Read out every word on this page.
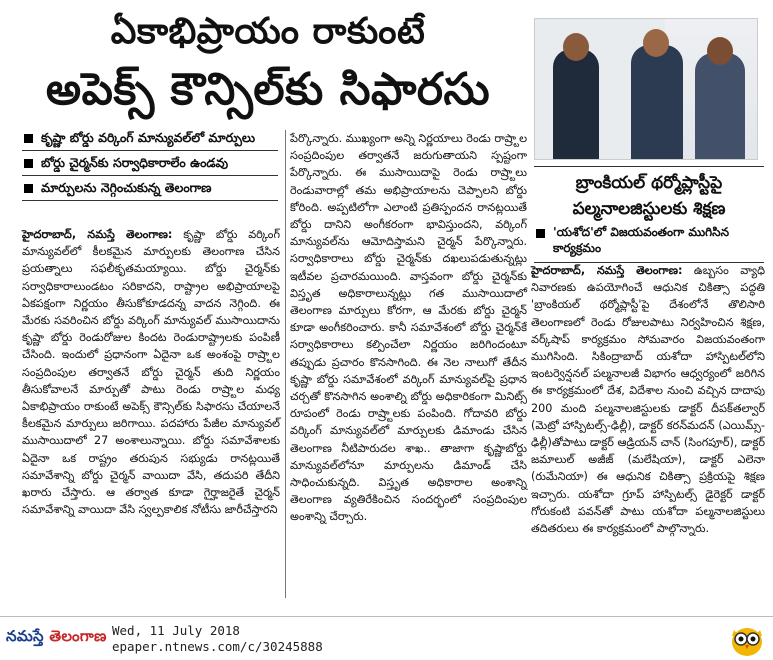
ఏకాభిప్రాయం రాకుంటే
అపెక్స్ కౌన్సిల్‌కు సిఫారసు
కృష్ణా బోర్డు వర్కింగ్ మాన్యువల్‌లో మార్పులు
బోర్డు చైర్మన్‌కు సర్వాధికారాలేం ఉండవు
మార్పులను నెగ్గించుకున్న తెలంగాణ
హైదరాబాద్, నమస్తే తెలంగాణ: కృష్ణా బోర్డు వర్కింగ్ మాన్యువల్‌లో కీలకమైన మార్పులకు తెలంగాణ చేసిన ప్రయత్నాలు సఫలీకృతమయ్యాయి. బోర్డు చైర్మన్‌కు సర్వాధికారాలుండటం సరికాదని, రాష్ట్రాల అభిప్రాయాలపై ఏకపక్షంగా నిర్ణయం తీసుకోకూడదన్న వాదన నెగ్గింది. ఈ మేరకు సవరించిన బోర్డు వర్కింగ్ మాన్యువల్ ముసాయిదాను కృష్ణా బోర్డు రెండురోజుల కిందట రెండురాష్ట్రాలకు పంపిణీ చేసింది. ఇందులో ప్రధానంగా ఏదైనా ఒక అంశంపై రాష్ర్టాల సంప్రదింపుల తర్వాతనే బోర్డు చైర్మన్ తుది నిర్ణయం తీసుకోవాలనే మార్పుతో పాటు రెండు రాష్ర్టాల మధ్య ఏకాభిప్రాయం రాకుంటే అపెక్స్ కౌన్సిల్‌కు సిఫారసు చేయాలనే కీలకమైన మార్పులు జరిగాయి. పదహారు పేజీల మాన్యువల్ ముసాయిదాలో 27 అంశాలున్నాయి. బోర్డు సమావేశాలకు ఏదైనా ఒక రాష్ట్రం తరుపున సభ్యుడు రానట్లయితే సమావేశాన్ని బోర్డు చైర్మన్ వాయిదా వేసి, తదుపరి తేదీని ఖరారు చేస్తారు. ఆ తర్వాత కూడా గైర్హాజరైతే చైర్మన్ సమావేశాన్ని వాయిదా వేసి స్వల్పకాలిక నోటీసు జారీచేస్తారని
పేర్కొన్నారు. ముఖ్యంగా అన్ని నిర్ణయాలు రెండు రాష్ర్టాల సంప్రదింపుల తర్వాతనే జరుగుతాయని స్పష్టంగా పేర్కొన్నారు. ఈ ముసాయిదాపై రెండు రాష్ర్టాలు రెండువారాల్లో తమ అభిప్రాయాలను చెప్పాలని బోర్డు కోరింది. అప్పటిలోగా ఎలాంటి ప్రతిస్పందన రానట్లయితే బోర్డు దానిని అంగీకరంగా భావిస్తుందని, వర్కింగ్ మాన్యువల్‌ను ఆమోదిస్తామని చైర్మన్ పేర్కొన్నారు. సర్వాధికారాలు బోర్డు చైర్మన్‌కు దఖలుపడుతున్నట్లు ఇటీవల ప్రచారమయింది. వాస్తవంగా బోర్డు చైర్మన్‌కు విస్తృత అధికారాలున్నట్లు గత ముసాయిదాలో తెలంగాణ మార్పులు కోరగా, ఆ మేరకు బోర్డు చైర్మన్ కూడా అంగీకరించారు. కానీ సమావేశంలో బోర్డు చైర్మన్‌కే సర్వాధికారాలు కల్పించేలా నిర్ణయం జరిగిందంటూ తప్పుడు ప్రచారం కొనసాగింది. ఈ నెల నాలుగో తేదీన కృష్ణా బోర్డు సమావేశంలో వర్కింగ్ మాన్యువల్‌పై ప్రధాన చర్చతో కొనసాగిన అంశాల్ని బోర్డు అధికారికంగా మినిట్స్ రూపంలో రెండు రాష్ర్టాలకు పంపింది. గోదావరి బోర్డు వర్కింగ్ మాన్యువల్‌లో మార్పులకు డిమాండు చేసిన తెలంగాణ నీటిపారుదల శాఖ.. తాజాగా కృష్ణాబోర్డు మాన్యువల్‌లోనూ మార్పులను డిమాండ్ చేసి సాధించుకున్నది. విస్తృత అధికారాల అంశాన్ని తెలంగాణ వ్యతిరేకించిన సందర్భంలో సంప్రదింపుల అంశాన్ని చేర్చారు.
బ్రాంకియల్ థర్మోప్లాస్టీపై
పల్మనాలజిస్టులకు శిక్షణ
'యశోద'లో విజయవంతంగా ముగిసిన కార్యక్రమం
హైదరాబాద్, నమస్తే తెలంగాణ: ఉబ్బసం వ్యాధి నివారణకు ఉపయోగించే ఆధునిక చికిత్సా పద్ధతి 'బ్రాంకియల్ థర్మోప్లాస్టీ'పై దేశంలోనే తొలిసారి తెలంగాణలో రెండు రోజులపాటు నిర్వహించిన శిక్షణ, వర్క్‌షాప్ కార్యక్రమం సోమవారం విజయవంతంగా ముగిసింది. సికింద్రాబాద్ యశోదా హాస్పిటల్‌లోని ఇంటర్వెన్షనల్ పల్మనాలజీ విభాగం ఆధ్వర్యంలో జరిగిన ఈ కార్యక్రమంలో దేశ, విదేశాల నుంచి వచ్చిన దాదాపు 200 మంది పల్మనాలజిస్టులకు డాక్టర్ దీపక్‌తల్వార్ (మెట్రో హాస్పిటల్స్-ఢిల్లీ), డాక్టర్ కరన్‌మదన్ (ఎయిమ్స్-ఢిల్లీ)తోపాటు డాక్టర్ ఆడ్రియన్ చాన్ (సింగపూర్), డాక్టర్ జమాలుల్ అజీజ్ (మలేషియా), డాక్టర్ ఎలెనా (రుమేనియా) ఈ ఆధునిక చికిత్సా ప్రక్రియపై శిక్షణ ఇచ్చారు. యశోదా గ్రూప్ హాస్పిటల్స్ డైరెక్టర్ డాక్టర్ గోరుకంటి పవన్‌తో పాటు యశోదా పల్మనాలజిస్టులు తదితరులు ఈ కార్యక్రమంలో పాల్గొన్నారు.
నమస్తే తెలంగాణ Wed, 11 July 2018
epaper.ntnews.com/c/30245888
